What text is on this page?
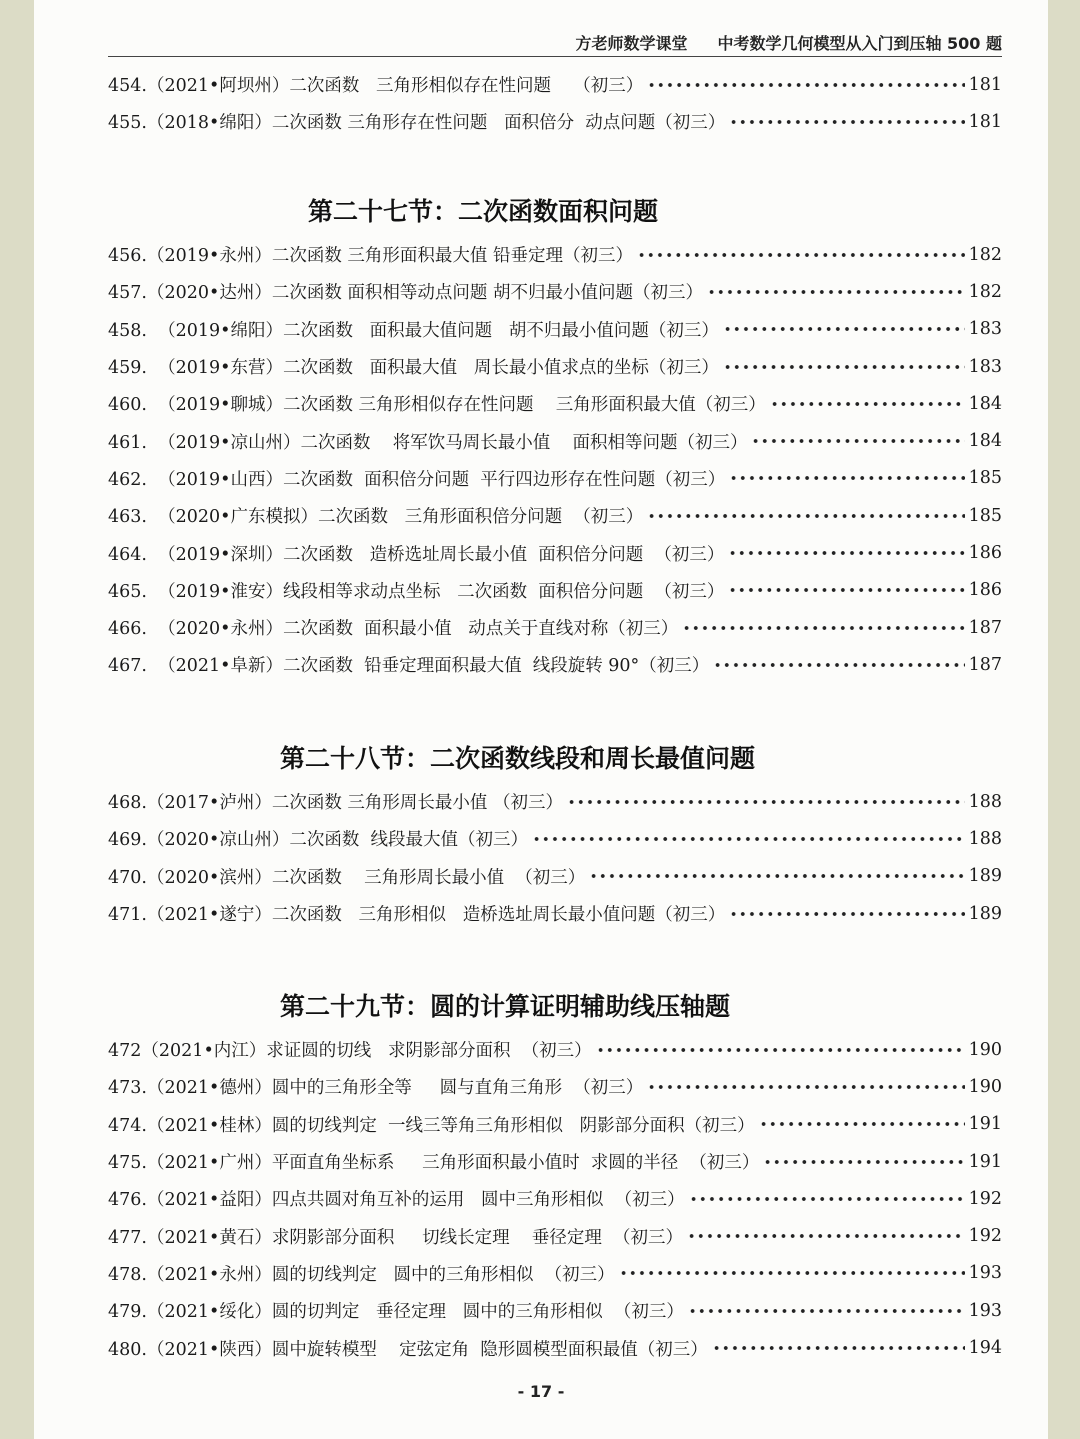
方老师数学课堂 中考数学几何模型从入门到压轴 500 题
454.（2021•阿坝州）二次函数   三角形相似存在性问题    （初三）	181
455.（2018•绵阳）二次函数 三角形存在性问题   面积倍分  动点问题（初三）	181
第二十七节：二次函数面积问题
456.（2019•永州）二次函数 三角形面积最大值 铅垂定理（初三）	182
457.（2020•达州）二次函数 面积相等动点问题 胡不归最小值问题（初三）	182
458.  （2019•绵阳）二次函数   面积最大值问题   胡不归最小值问题（初三）	183
459.  （2019•东营）二次函数   面积最大值   周长最小值求点的坐标（初三）	183
460.  （2019•聊城）二次函数 三角形相似存在性问题    三角形面积最大值（初三）	184
461.  （2019•凉山州）二次函数    将军饮马周长最小值    面积相等问题（初三）	184
462.  （2019•山西）二次函数  面积倍分问题  平行四边形存在性问题（初三）	185
463.  （2020•广东模拟）二次函数   三角形面积倍分问题  （初三）	185
464.  （2019•深圳）二次函数   造桥选址周长最小值  面积倍分问题  （初三）	186
465.  （2019•淮安）线段相等求动点坐标   二次函数  面积倍分问题  （初三）	186
466.  （2020•永州）二次函数  面积最小值   动点关于直线对称（初三）	187
467.  （2021•阜新）二次函数  铅垂定理面积最大值  线段旋转 90°（初三）	187
第二十八节：二次函数线段和周长最值问题
468.（2017•泸州）二次函数 三角形周长最小值 （初三）	188
469.（2020•凉山州）二次函数  线段最大值（初三）	188
470.（2020•滨州）二次函数    三角形周长最小值  （初三）	189
471.（2021•遂宁）二次函数   三角形相似   造桥选址周长最小值问题（初三）	189
第二十九节：圆的计算证明辅助线压轴题
472（2021•内江）求证圆的切线   求阴影部分面积  （初三）	190
473.（2021•德州）圆中的三角形全等     圆与直角三角形  （初三）	190
474.（2021•桂林）圆的切线判定  一线三等角三角形相似   阴影部分面积（初三）	191
475.（2021•广州）平面直角坐标系     三角形面积最小值时  求圆的半径  （初三）	191
476.（2021•益阳）四点共圆对角互补的运用   圆中三角形相似  （初三）	192
477.（2021•黄石）求阴影部分面积     切线长定理    垂径定理  （初三）	192
478.（2021•永州）圆的切线判定   圆中的三角形相似  （初三）	193
479.（2021•绥化）圆的切判定   垂径定理   圆中的三角形相似  （初三）	193
480.（2021•陕西）圆中旋转模型    定弦定角  隐形圆模型面积最值（初三）	194
- 17 -
